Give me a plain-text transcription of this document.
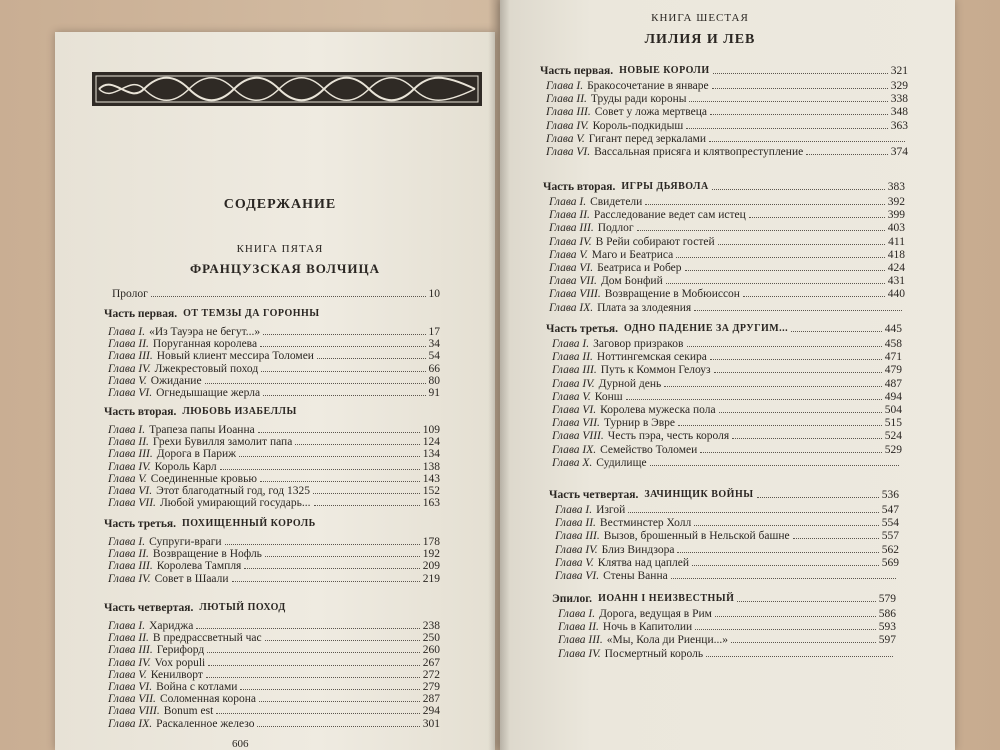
СОДЕРЖАНИЕ
КНИГА ПЯТАЯ
ФРАНЦУЗСКАЯ ВОЛЧИЦА
Пролог	10
Часть первая. ОТ ТЕМЗЫ ДА ГОРОННЫ
Глава I. «Из Тауэра не бегут...»	17
Глава II. Поруганная королева	34
Глава III. Новый клиент мессира Толомеи	54
Глава IV. Лжекрестовый поход	66
Глава V. Ожидание	80
Глава VI. Огнедышащие жерла	91
Часть вторая. ЛЮБОВЬ ИЗАБЕЛЛЫ
Глава I. Трапеза папы Иоанна	109
Глава II. Грехи Бувилля замолит папа	124
Глава III. Дорога в Париж	134
Глава IV. Король Карл	138
Глава V. Соединенные кровью	143
Глава VI. Этот благодатный год, год 1325	152
Глава VII. Любой умирающий государь...	163
Часть третья. ПОХИЩЕННЫЙ КОРОЛЬ
Глава I. Супруги-враги	178
Глава II. Возвращение в Нофль	192
Глава III. Королева Тампля	209
Глава IV. Совет в Шаали	219
Часть четвертая. ЛЮТЫЙ ПОХОД
Глава I. Хариджа	238
Глава II. В предрассветный час	250
Глава III. Герифорд	260
Глава IV. Vox populi	267
Глава V. Кенилворт	272
Глава VI. Война с котлами	279
Глава VII. Соломенная корона	287
Глава VIII. Bonum est	294
Глава IX. Раскаленное железо	301
606
КНИГА ШЕСТАЯ
ЛИЛИЯ И ЛЕВ
Часть первая. НОВЫЕ КОРОЛИ	321
Глава I. Бракосочетание в январе	329
Глава II. Труды ради короны	338
Глава III. Совет у ложа мертвеца	348
Глава IV. Король-подкидыш	363
Глава V. Гигант перед зеркалами
Глава VI. Вассальная присяга и клятвопреступление	374
Часть вторая. ИГРЫ ДЬЯВОЛА	383
Глава I. Свидетели	392
Глава II. Расследование ведет сам истец	399
Глава III. Подлог	403
Глава IV. В Рейи собирают гостей	411
Глава V. Маго и Беатриса	418
Глава VI. Беатриса и Робер	424
Глава VII. Дом Бонфий	431
Глава VIII. Возвращение в Мобюиссон	440
Глава IX. Плата за злодеяния
Часть третья. ОДНО ПАДЕНИЕ ЗА ДРУГИМ...	445
Глава I. Заговор призраков	458
Глава II. Ноттингемская секира	471
Глава III. Путь к Коммон Гелоуз	479
Глава IV. Дурной день	487
Глава V. Конш	494
Глава VI. Королева мужеска пола	504
Глава VII. Турнир в Эвре	515
Глава VIII. Честь пэра, честь короля	524
Глава IX. Семейство Толомеи	529
Глава X. Судилище
Часть четвертая. ЗАЧИНЩИК ВОЙНЫ	536
Глава I. Изгой	547
Глава II. Вестминстер Холл	554
Глава III. Вызов, брошенный в Нельской башне	557
Глава IV. Близ Виндзора	562
Глава V. Клятва над цаплей	569
Глава VI. Стены Ванна
Эпилог. ИОАНН I НЕИЗВЕСТНЫЙ	579
Глава I. Дорога, ведущая в Рим	586
Глава II. Ночь в Капитолии	593
Глава III. «Мы, Кола ди Риенци...»	597
Глава IV. Посмертный король
